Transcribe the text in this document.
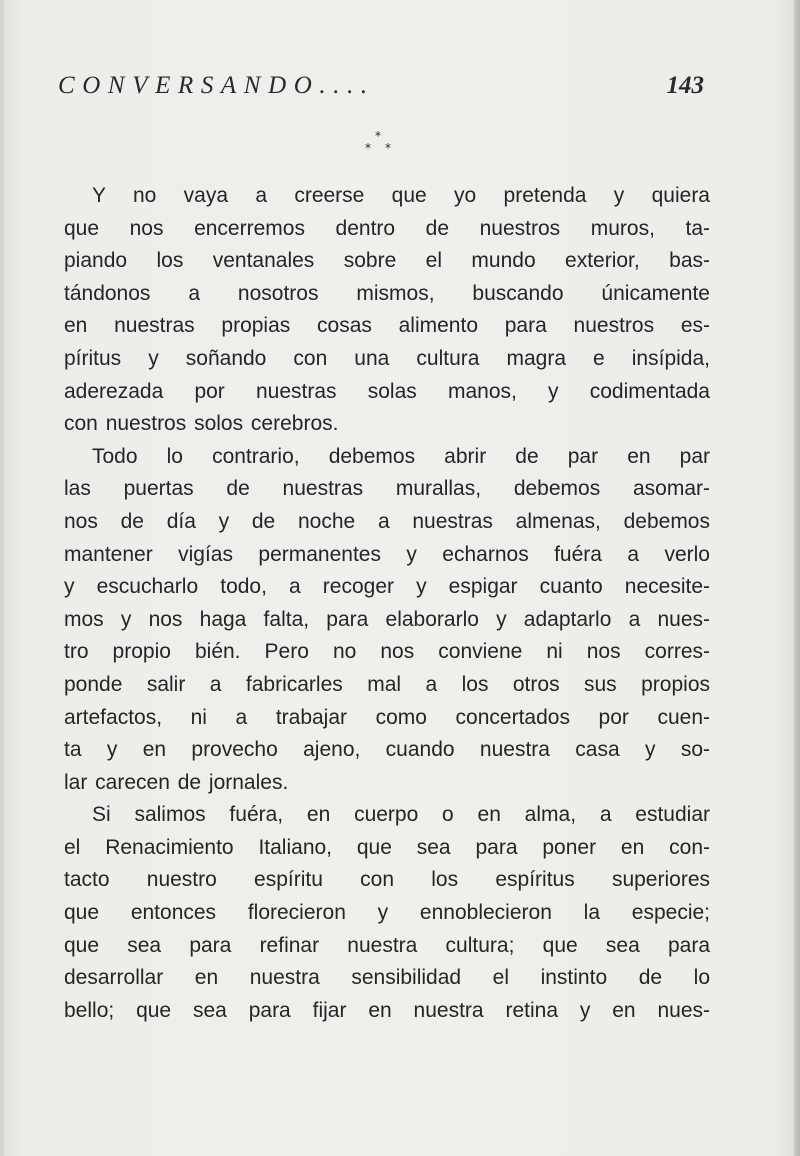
CONVERSANDO....	143
*
* *
Y no vaya a creerse que yo pretenda y quiera
que nos encerremos dentro de nuestros muros, ta-
piando los ventanales sobre el mundo exterior, bas-
tándonos a nosotros mismos, buscando únicamente
en nuestras propias cosas alimento para nuestros es-
píritus y soñando con una cultura magra e insípida,
aderezada por nuestras solas manos, y codimentada
con nuestros solos cerebros.
Todo lo contrario, debemos abrir de par en par
las puertas de nuestras murallas, debemos asomar-
nos de día y de noche a nuestras almenas, debemos
mantener vigías permanentes y echarnos fuéra a verlo
y escucharlo todo, a recoger y espigar cuanto necesite-
mos y nos haga falta, para elaborarlo y adaptarlo a nues-
tro propio bién. Pero no nos conviene ni nos corres-
ponde salir a fabricarles mal a los otros sus propios
artefactos, ni a trabajar como concertados por cuen-
ta y en provecho ajeno, cuando nuestra casa y so-
lar carecen de jornales.
Si salimos fuéra, en cuerpo o en alma, a estudiar
el Renacimiento Italiano, que sea para poner en con-
tacto nuestro espíritu con los espíritus superiores
que entonces florecieron y ennoblecieron la especie;
que sea para refinar nuestra cultura; que sea para
desarrollar en nuestra sensibilidad el instinto de lo
bello; que sea para fijar en nuestra retina y en nues-
